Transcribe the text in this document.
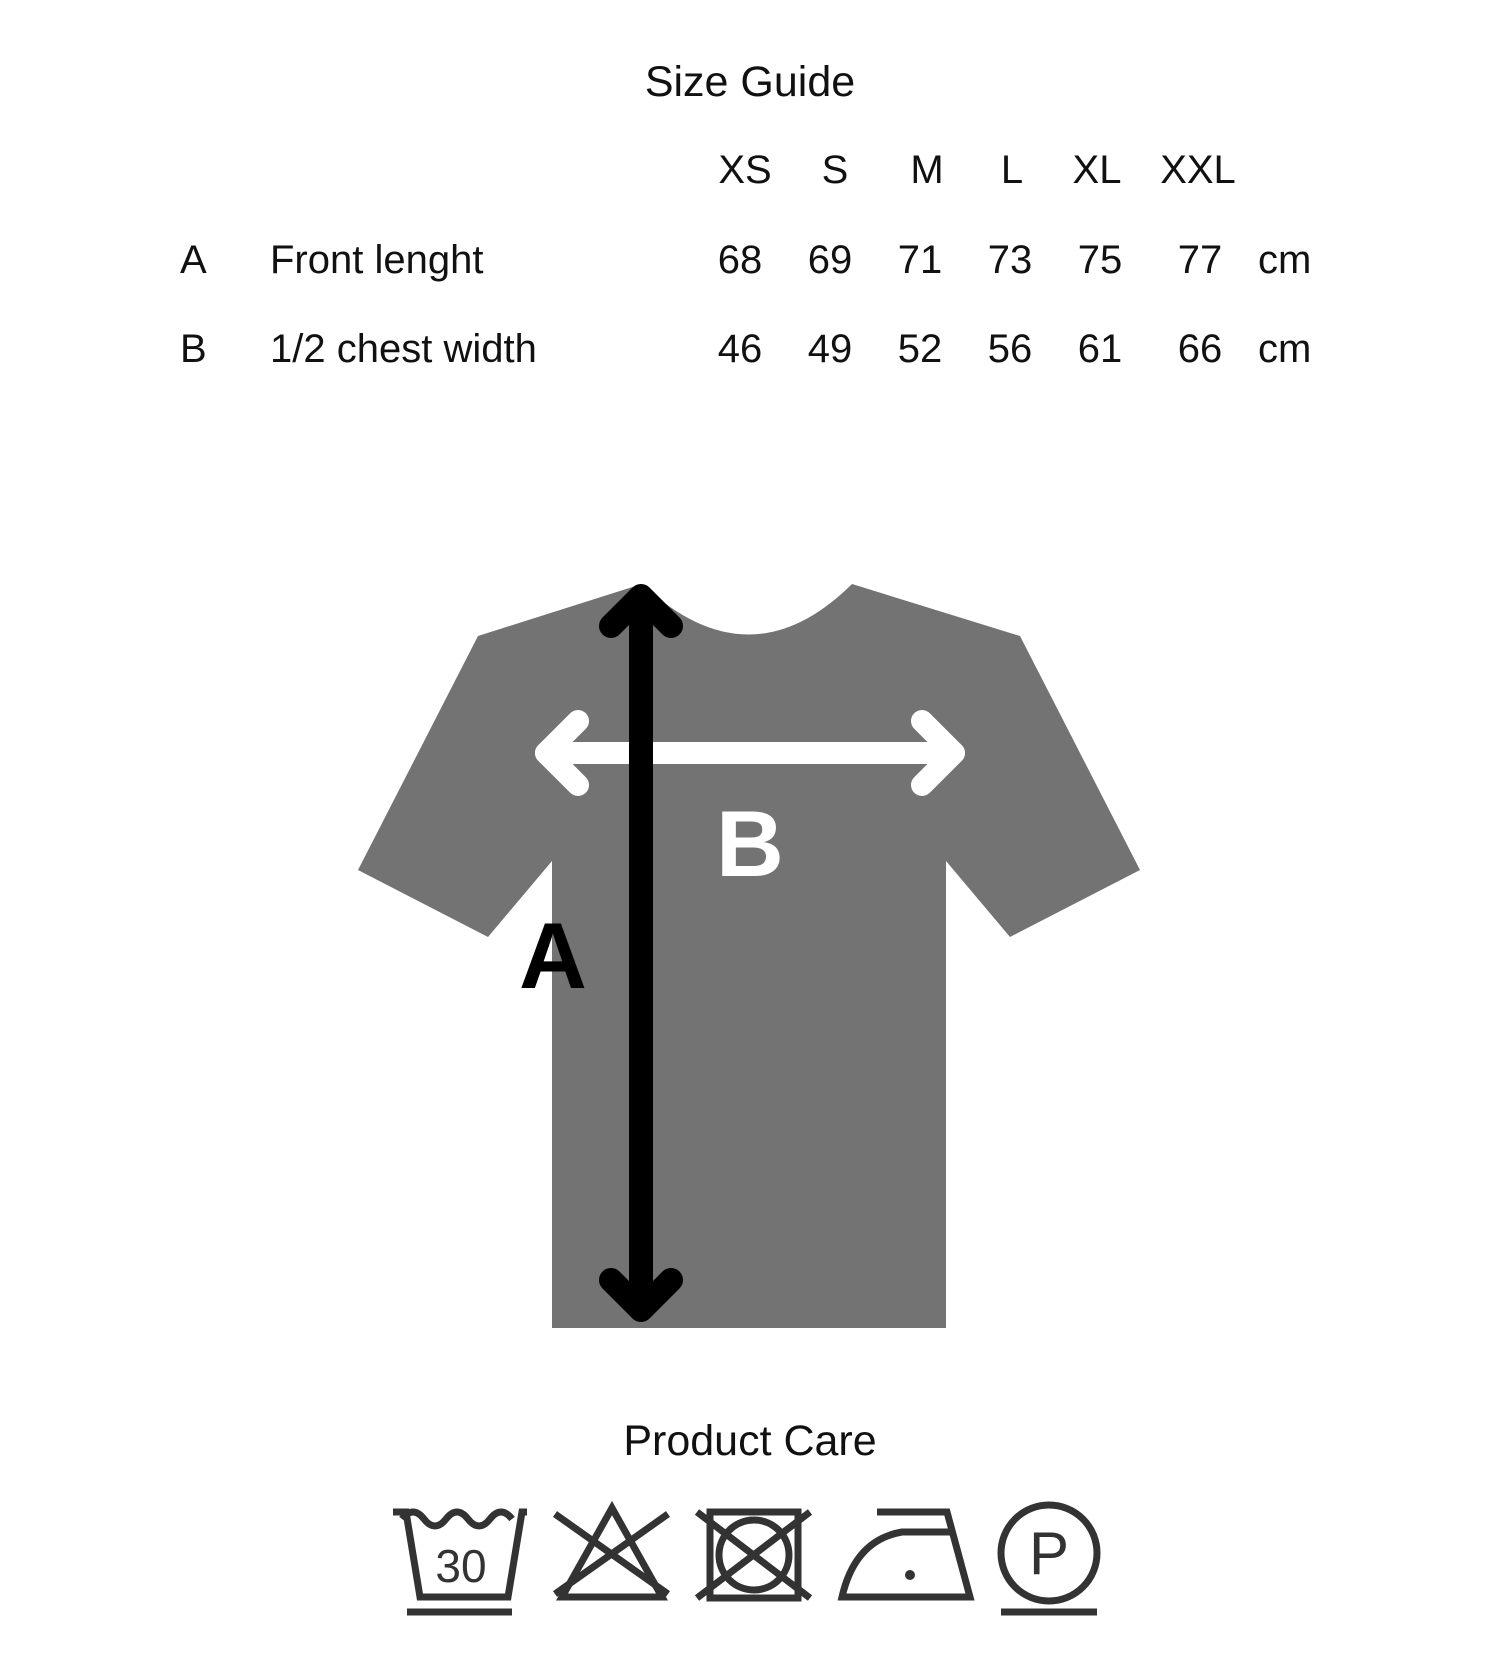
Size Guide
XS	S	M	L	XL XXL
A Front lenght	68	69	71	73	75	77 cm
B 1/2 chest width	46	49	52	56	61	66 cm
A
B
30	P
Product Care
